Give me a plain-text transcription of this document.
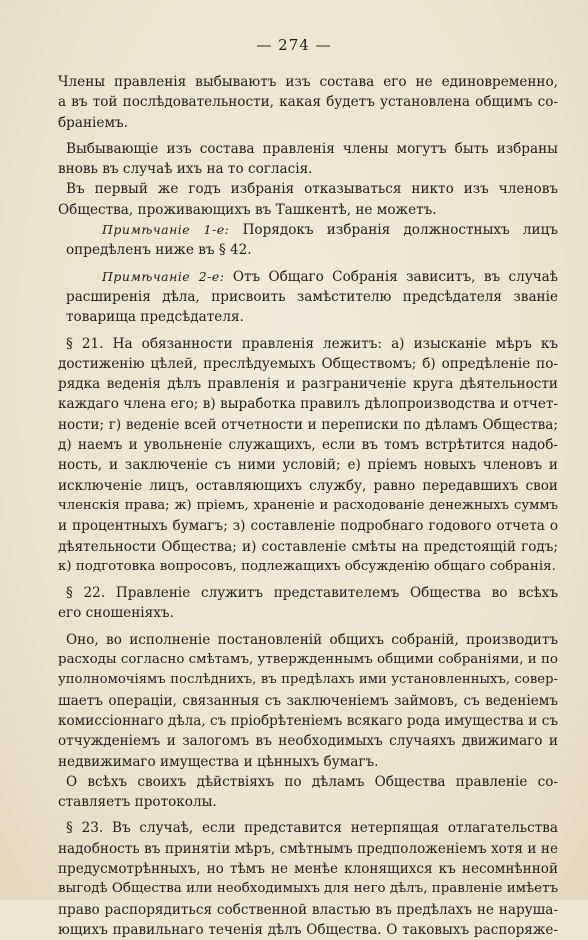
— 274 —
Члены правленія выбываютъ изъ состава его не единовременно,
а въ той послѣдовательности, какая будетъ установлена общимъ со-
браніемъ.
Выбывающіе изъ состава правленія члены могутъ быть избраны
вновь въ случаѣ ихъ на то согласія.
Въ первый же годъ избранія отказываться никто изъ членовъ
Общества, проживающихъ въ Ташкентѣ, не можетъ.
Примѣчаніе 1-е: Порядокъ избранія должностныхъ лицъ
опредѣленъ ниже въ § 42.
Примѣчаніе 2-е: Отъ Общаго Собранія зависитъ, въ случаѣ
расширенія дѣла, присвоить замѣстителю предсѣдателя званіе
товарища предсѣдателя.
§ 21. На обязанности правленія лежитъ: а) изысканіе мѣръ къ
достиженію цѣлей, преслѣдуемыхъ Обществомъ; б) опредѣленіе по-
рядка веденія дѣлъ правленія и разграниченіе круга дѣятельности
каждаго члена его; в) выработка правилъ дѣлопроизводства и отчет-
ности; г) веденіе всей отчетности и переписки по дѣламъ Общества;
д) наемъ и увольненіе служащихъ, если въ томъ встрѣтится надоб-
ность, и заключеніе съ ними условій; е) пріемъ новыхъ членовъ и
исключеніе лицъ, оставляющихъ службу, равно передавшихъ свои
членскія права; ж) пріемъ, храненіе и расходованіе денежныхъ суммъ
и процентныхъ бумагъ; з) составленіе подробнаго годового отчета о
дѣятельности Общества; и) составленіе смѣты на предстоящій годъ;
к) подготовка вопросовъ, подлежащихъ обсужденію общаго собранія.
§ 22. Правленіе служитъ представителемъ Общества во всѣхъ
его сношеніяхъ.
Оно, во исполненіе постановленій общихъ собраній, производитъ
расходы согласно смѣтамъ, утвержденнымъ общими собраніями, и по
уполномочіямъ послѣднихъ, въ предѣлахъ ими установленныхъ, совер-
шаетъ операціи, связанныя съ заключеніемъ займовъ, съ веденіемъ
комиссіоннаго дѣла, съ пріобрѣтеніемъ всякаго рода имущества и съ
отчужденіемъ и залогомъ въ необходимыхъ случаяхъ движимаго и
недвижимаго имущества и цѣнныхъ бумагъ.
О всѣхъ своихъ дѣйствіяхъ по дѣламъ Общества правленіе со-
ставляетъ протоколы.
§ 23. Въ случаѣ, если представится нетерпящая отлагательства
надобность въ принятіи мѣръ, смѣтнымъ предположеніемъ хотя и не
предусмотрѣнныхъ, но тѣмъ не менѣе клонящихся къ несомнѣнной
выгодѣ Общества или необходимыхъ для него дѣлъ, правленіе имѣетъ
право распорядиться собственной властью въ предѣлахъ не наруша-
ющихъ правильнаго теченія дѣлъ Общества. О таковыхъ распоряже-
